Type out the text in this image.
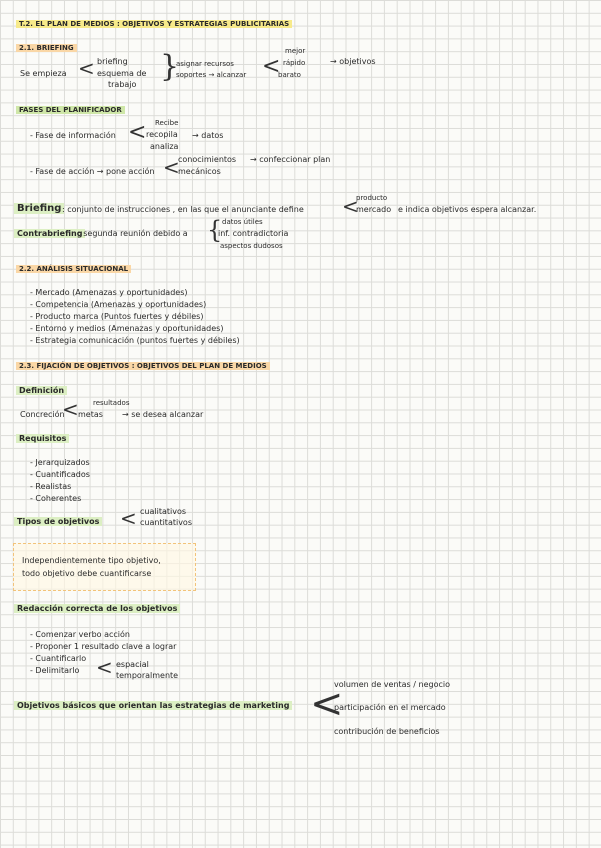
T.2. EL PLAN DE MEDIOS : OBJETIVOS Y ESTRATEGIAS PUBLICITARIAS
2.1. BRIEFING
Se empieza < briefing
esquema de
trabajo
}
asignar recursos
soportes → alcanzar <
mejor
rápido
barato
→ objetivos
FASES DEL PLANIFICADOR
- Fase de información < Recibe
recopila
analiza
→ datos
- Fase de acción → pone acción <
conocimientos
mecánicos
→ confeccionar plan
Briefing : conjunto de instrucciones , en las que el anunciante define <
producto
mercado e indica objetivos espera alcanzar.
Contrabriefing
: segunda reunión debido a { datos útiles
inf. contradictoria
aspectos dudosos
2.2. ANÁLISIS SITUACIONAL
- Mercado (Amenazas y oportunidades)
- Competencia (Amenazas y oportunidades)
- Producto marca (Puntos fuertes y débiles)
- Entorno y medios (Amenazas y oportunidades)
- Estrategia comunicación (puntos fuertes y débiles)
2.3. FIJACIÓN DE OBJETIVOS : OBJETIVOS DEL PLAN DE MEDIOS
Definición
Concreción
< resultados
metas → se desea alcanzar
Requisitos
- Jerarquizados
- Cuantificados
- Realistas
- Coherentes
Tipos de objetivos < cualitativos
cuantitativos
Independientemente tipo objetivo,
todo objetivo debe cuantificarse
Redacción correcta de los objetivos
- Comenzar verbo acción
- Proponer 1 resultado clave a lograr
- Cuantificarlo
- Delimitarlo < espacial
temporalmente
Objetivos básicos que orientan las estrategias de marketing <
volumen de ventas / negocio
participación en el mercado
contribución de beneficios
